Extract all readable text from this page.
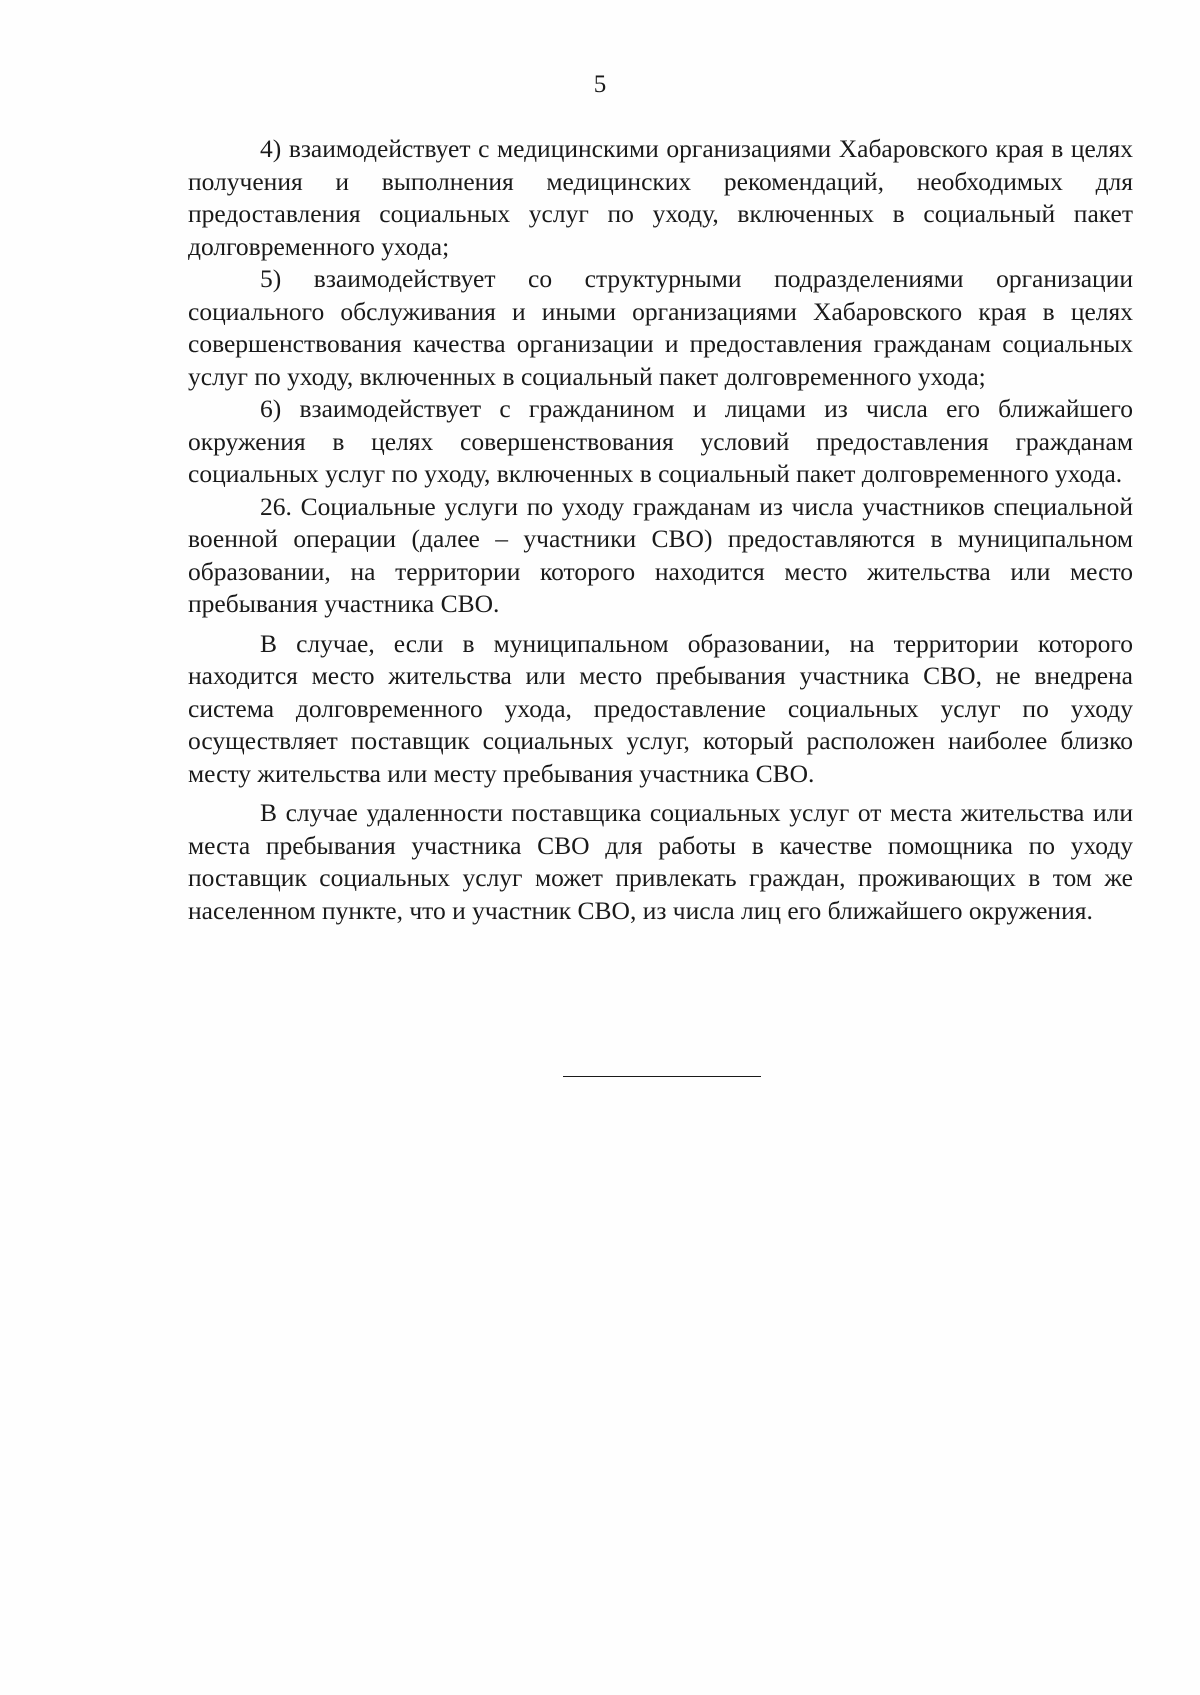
5

4) взаимодействует с медицинскими организациями Хабаровского края в целях получения и выполнения медицинских рекомендаций, необходимых для предоставления социальных услуг по уходу, включенных в социальный пакет долговременного ухода;

5) взаимодействует со структурными подразделениями организации социального обслуживания и иными организациями Хабаровского края в целях совершенствования качества организации и предоставления гражданам социальных услуг по уходу, включенных в социальный пакет долговременного ухода;

6) взаимодействует с гражданином и лицами из числа его ближайшего окружения в целях совершенствования условий предоставления гражданам социальных услуг по уходу, включенных в социальный пакет долговременного ухода.

26. Социальные услуги по уходу гражданам из числа участников специальной военной операции (далее – участники СВО) предоставляются в муниципальном образовании, на территории которого находится место жительства или место пребывания участника СВО.

В случае, если в муниципальном образовании, на территории которого находится место жительства или место пребывания участника СВО, не внедрена система долговременного ухода, предоставление социальных услуг по уходу осуществляет поставщик социальных услуг, который расположен наиболее близко месту жительства или месту пребывания участника СВО.

В случае удаленности поставщика социальных услуг от места жительства или места пребывания участника СВО для работы в качестве помощника по уходу поставщик социальных услуг может привлекать граждан, проживающих в том же населенном пункте, что и участник СВО, из числа лиц его ближайшего окружения.
